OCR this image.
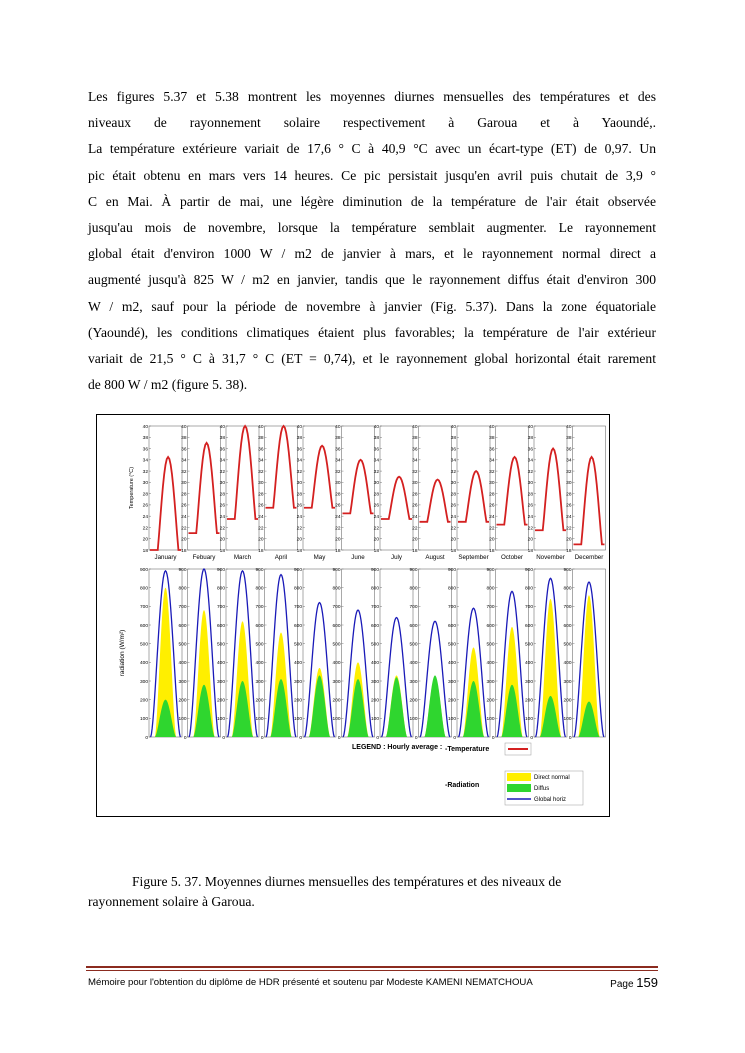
Les figures 5.37 et 5.38 montrent les moyennes diurnes mensuelles des températures et des
niveaux de rayonnement solaire respectivement à Garoua et à Yaoundé,.
La température extérieure variait de 17,6 ° C à 40,9 °C avec un écart-type (ET) de 0,97. Un
pic était obtenu en mars vers 14 heures. Ce pic persistait jusqu'en avril puis chutait de 3,9 °
C en Mai. À partir de mai, une légère diminution de la température de l'air était observée
jusqu'au mois de novembre, lorsque la température semblait augmenter. Le rayonnement
global était d'environ 1000 W / m2 de janvier à mars, et le rayonnement normal direct a
augmenté jusqu'à 825 W / m2 en janvier, tandis que le rayonnement diffus était d'environ 300
W / m2, sauf pour la période de novembre à janvier (Fig. 5.37). Dans la zone équatoriale
(Yaoundé), les conditions climatiques étaient plus favorables; la température de l'air extérieur
variait de 21,5 ° C à 31,7 ° C (ET = 0,74), et le rayonnement global horizontal était rarement
de 800 W / m2 (figure 5. 38).
Temperature (°C)
radiation (W/m²)
18
20
22
24
26
28
30
32
34
36
38
40
January
0
100
200
300
400
500
600
700
800
900
18
20
22
24
26
28
30
32
34
36
38
40
Febuary
0
100
200
300
400
500
600
700
800
900
18
20
22
24
26
28
30
32
34
36
38
40
March
0
100
200
300
400
500
600
700
800
900
18
20
22
24
26
28
30
32
34
36
38
40
April
0
100
200
300
400
500
600
700
800
900
18
20
22
24
26
28
30
32
34
36
38
40
May
0
100
200
300
400
500
600
700
800
900
18
20
22
24
26
28
30
32
34
36
38
40
June
0
100
200
300
400
500
600
700
800
900
18
20
22
24
26
28
30
32
34
36
38
40
July
0
100
200
300
400
500
600
700
800
900
18
20
22
24
26
28
30
32
34
36
38
40
August
0
100
200
300
400
500
600
700
800
900
18
20
22
24
26
28
30
32
34
36
38
40
September
0
100
200
300
400
500
600
700
800
900
18
20
22
24
26
28
30
32
34
36
38
40
October
0
100
200
300
400
500
600
700
800
900
18
20
22
24
26
28
30
32
34
36
38
40
November
0
100
200
300
400
500
600
700
800
900
18
20
22
24
26
28
30
32
34
36
38
40
December
0
100
200
300
400
500
600
700
800
900
LEGEND : Hourly average : -Temperature
-Radiation
Direct normal
Diffus
Global horiz
Figure 5. 37. Moyennes diurnes mensuelles des températures et des niveaux de
rayonnement solaire à Garoua.
Mémoire pour l'obtention du diplôme de HDR présenté et soutenu par Modeste KAMENI NEMATCHOUA	Page 159
